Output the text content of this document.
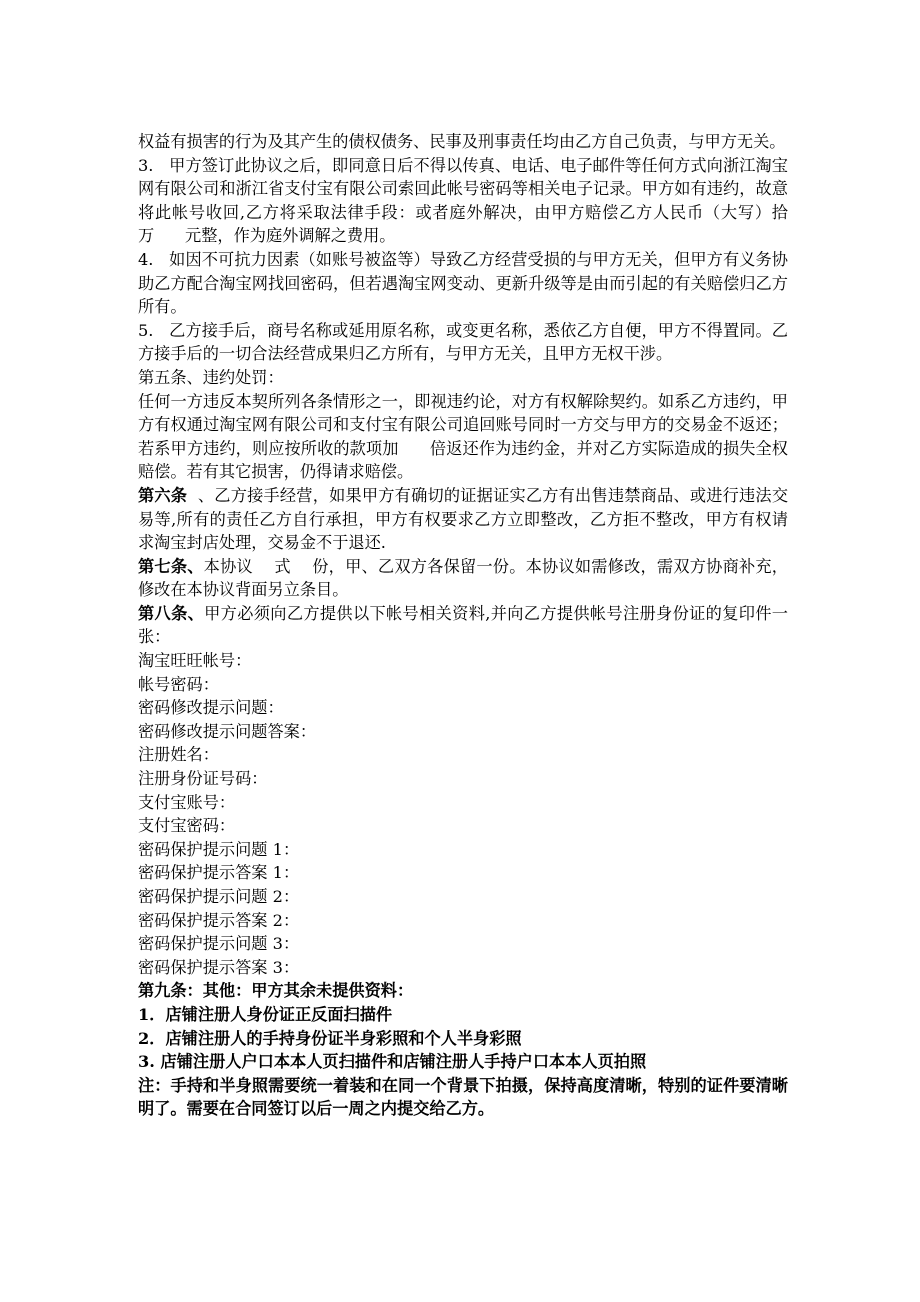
权益有损害的行为及其产生的债权债务、民事及刑事责任均由乙方自己负责，与甲方无关。

3.   甲方签订此协议之后，即同意日后不得以传真、电话、电子邮件等任何方式向浙江淘宝网有限公司和浙江省支付宝有限公司索回此帐号密码等相关电子记录。甲方如有违约，故意将此帐号收回,乙方将采取法律手段：或者庭外解决，由甲方赔偿乙方人民币（大写）拾万      元整，作为庭外调解之费用。

4.   如因不可抗力因素（如账号被盗等）导致乙方经营受损的与甲方无关，但甲方有义务协助乙方配合淘宝网找回密码，但若遇淘宝网变动、更新升级等是由而引起的有关赔偿归乙方所有。

5.   乙方接手后，商号名称或延用原名称，或变更名称，悉依乙方自便，甲方不得置同。乙方接手后的一切合法经营成果归乙方所有，与甲方无关，且甲方无权干涉。

第五条、违约处罚：

任何一方违反本契所列各条情形之一，即视违约论，对方有权解除契约。如系乙方违约，甲方有权通过淘宝网有限公司和支付宝有限公司追回账号同时一方交与甲方的交易金不返还；若系甲方违约，则应按所收的款项加      倍返还作为违约金，并对乙方实际造成的损失全权赔偿。若有其它损害，仍得请求赔偿。

第六条  、乙方接手经营，如果甲方有确切的证据证实乙方有出售违禁商品、或进行违法交易等,所有的责任乙方自行承担，甲方有权要求乙方立即整改，乙方拒不整改，甲方有权请求淘宝封店处理，交易金不于退还.

第七条、本协议    式    份，甲、乙双方各保留一份。本协议如需修改，需双方协商补充，修改在本协议背面另立条目。

第八条、甲方必须向乙方提供以下帐号相关资料,并向乙方提供帐号注册身份证的复印件一张：

淘宝旺旺帐号：

帐号密码：

密码修改提示问题：

密码修改提示问题答案：

注册姓名：

注册身份证号码：

支付宝账号：

支付宝密码：

密码保护提示问题 1：

密码保护提示答案 1：

密码保护提示问题 2：

密码保护提示答案 2：

密码保护提示问题 3：

密码保护提示答案 3：

第九条：其他：甲方其余未提供资料：

1．店铺注册人身份证正反面扫描件

2．店铺注册人的手持身份证半身彩照和个人半身彩照

3. 店铺注册人户口本本人页扫描件和店铺注册人手持户口本本人页拍照

注：手持和半身照需要统一着装和在同一个背景下拍摄，保持高度清晰，特别的证件要清晰明了。需要在合同签订以后一周之内提交给乙方。
